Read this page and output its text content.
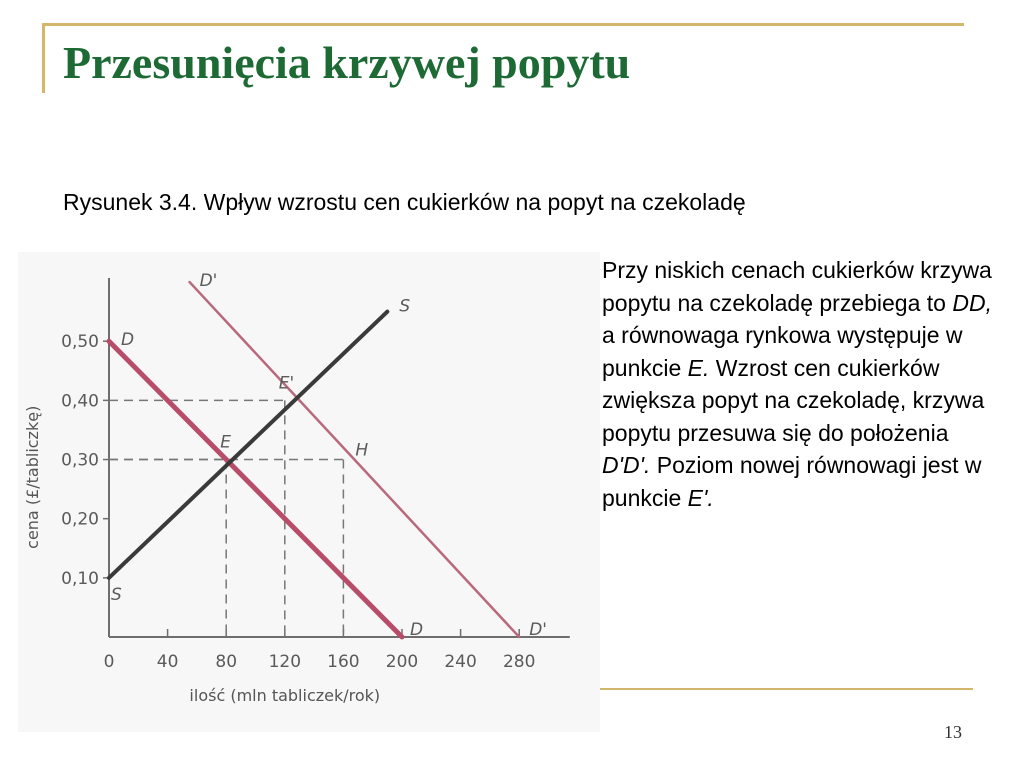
Przesunięcia krzywej popytu

Rysunek 3.4. Wpływ wzrostu cen cukierków na popyt na czekoladę

0 40 80 120 160 200 240 280
0,10
0,20
0,30
0,40
0,50
ilość (mln tabliczek/rok)
cena (£/tabliczkę)
D
D
D'
D'
S
S
E
E'
H

Przy niskich cenach cukierków krzywa popytu na czekoladę przebiega to DD, a równowaga rynkowa występuje w punkcie E. Wzrost cen cukierków zwiększa popyt na czekoladę, krzywa popytu przesuwa się do położenia D'D'. Poziom nowej równowagi jest w punkcie E'.

13
